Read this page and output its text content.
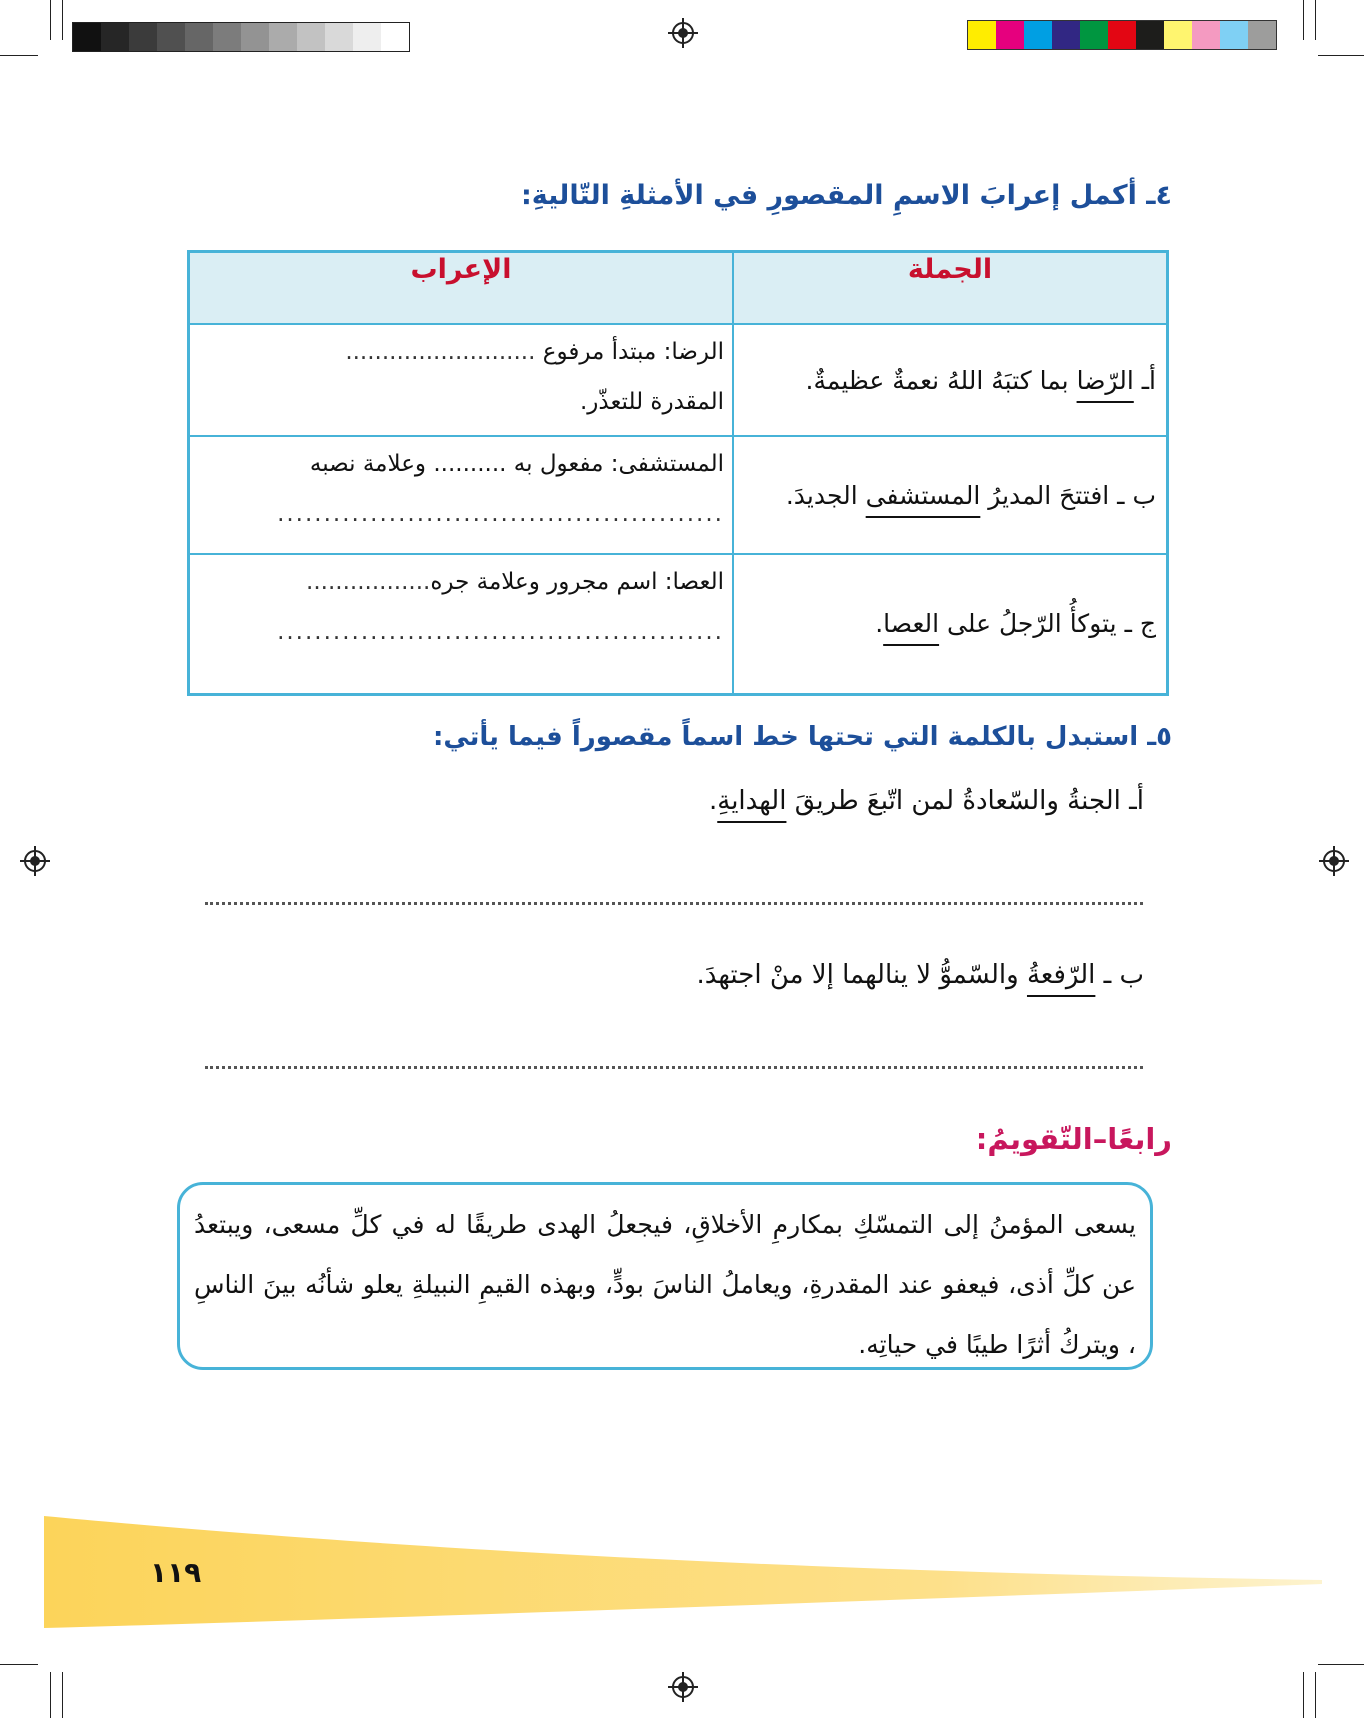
٤ـ أكمل إعرابَ الاسمِ المقصورِ في الأمثلةِ التّاليةِ:
الجملة	الإعراب
أـ الرّضا بما كتبَهُ اللهُ نعمةٌ عظيمةٌ.	الرضا: مبتدأ مرفوع ..........................
المقدرة للتعذّر.

ب ـ افتتحَ المديرُ المستشفى الجديدَ.	المستشفى: مفعول به .......... وعلامة نصبه
................................................

ج ـ يتوكأُ الرّجلُ على العصا.	العصا: اسم مجرور وعلامة جره.................
................................................
٥ـ استبدل بالكلمة التي تحتها خط اسماً مقصوراً فيما يأتي:
أـ الجنةُ والسّعادةُ لمن اتّبعَ طريقَ الهدايةِ.
ب ـ الرّفعةُ والسّموُّ لا ينالهما إلا منْ اجتهدَ.
رابعًا–التّقويمُ:
يسعى المؤمنُ إلى التمسّكِ بمكارمِ الأخلاقِ، فيجعلُ الهدى طريقًا له في كلِّ مسعى، ويبتعدُ عن كلِّ أذى، فيعفو عند المقدرةِ، ويعاملُ الناسَ بودٍّ، وبهذه القيمِ النبيلةِ يعلو شأنُه بينَ الناسِ ، ويتركُ أثرًا طيبًا في حياتِه.
١١٩
